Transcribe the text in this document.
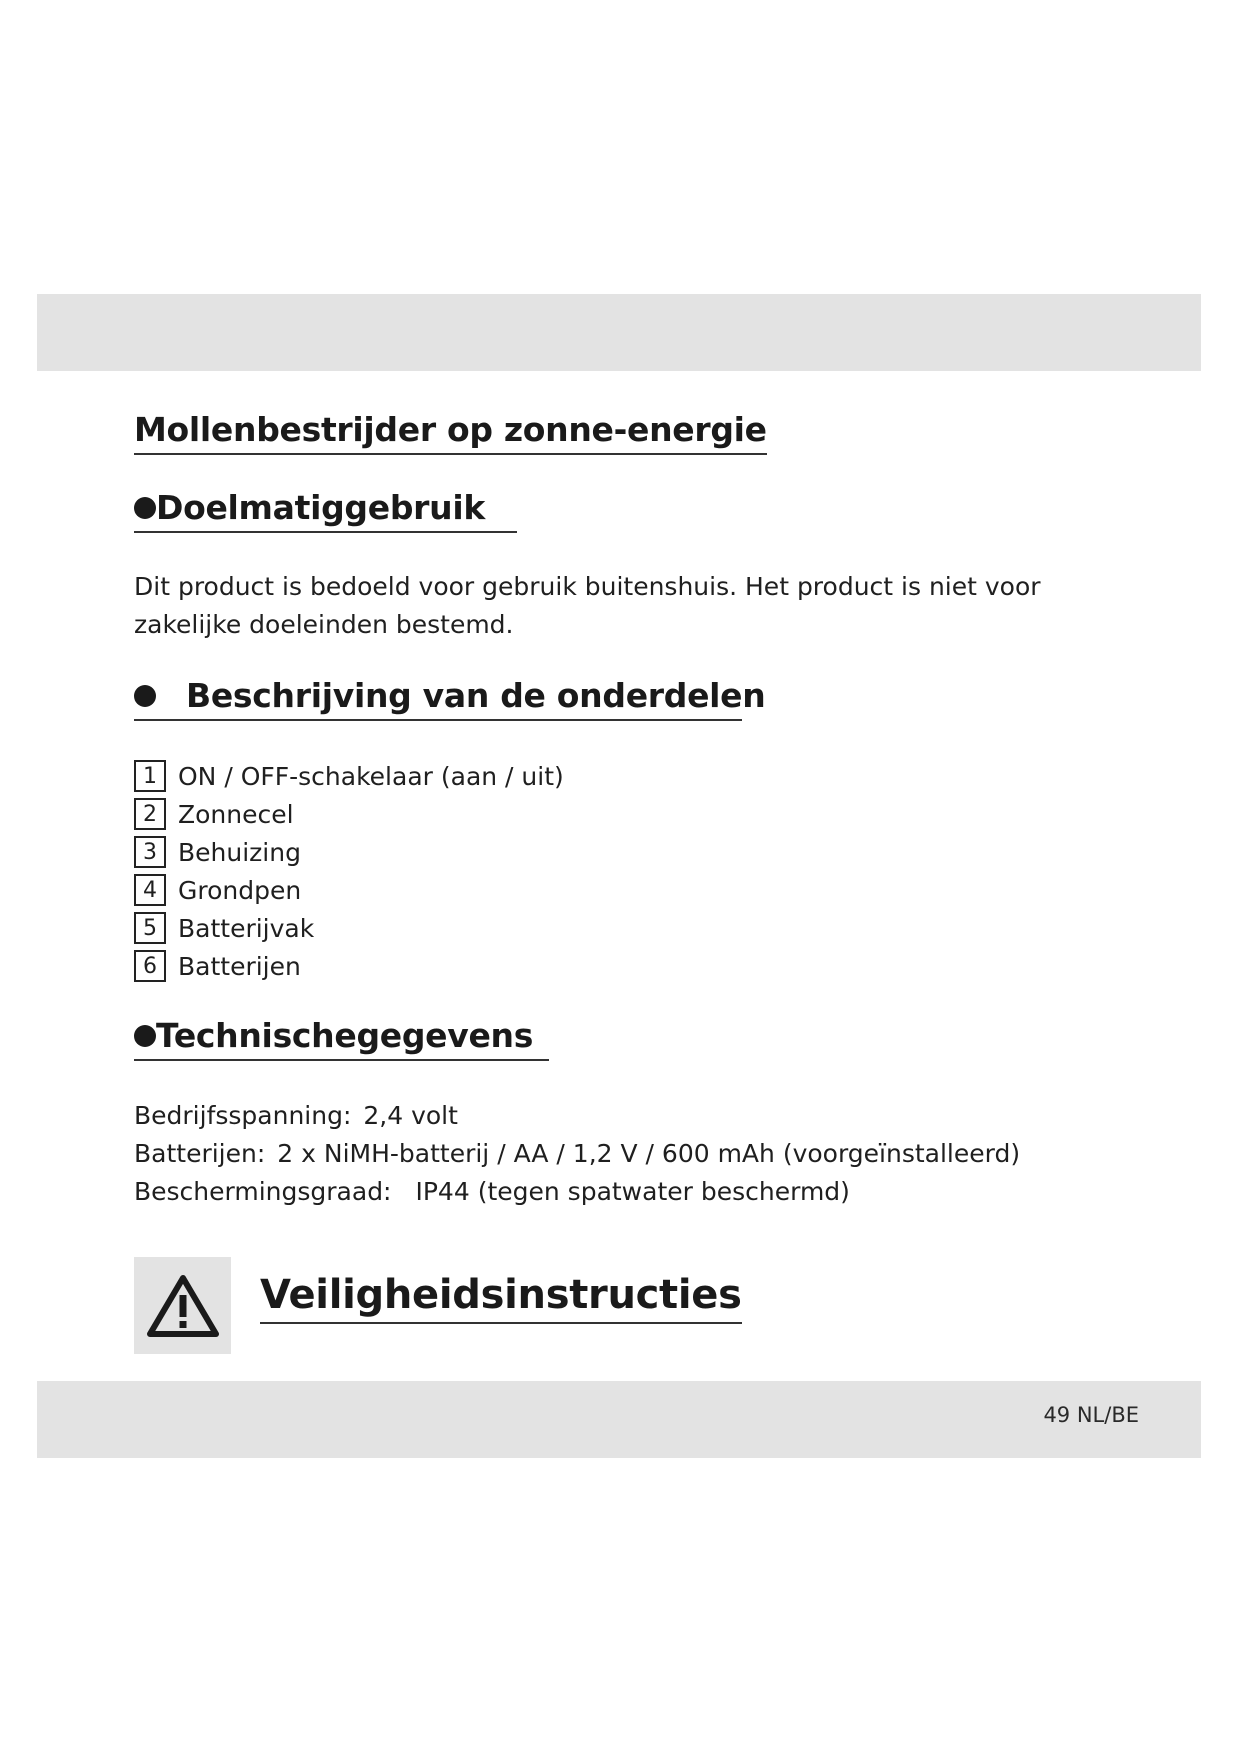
Mollenbestrijder op zonne-energie
Doelmatiggebruik

Dit product is bedoeld voor gebruik buitenshuis. Het product is niet voor zakelijke doeleinden bestemd.

Beschrijving van de onderdelen
1 ON / OFF-schakelaar (aan / uit)
2 Zonnecel
3 Behuizing
4 Grondpen
5 Batterijvak
6 Batterijen
Technischegegevens
Bedrijfsspanning: 2,4 volt
Batterijen: 2 x NiMH-batterij / AA / 1,2 V / 600 mAh (voorgeïnstalleerd)
Beschermingsgraad: IP44 (tegen spatwater beschermd)
Veiligheidsinstructies
49 NL/BE
